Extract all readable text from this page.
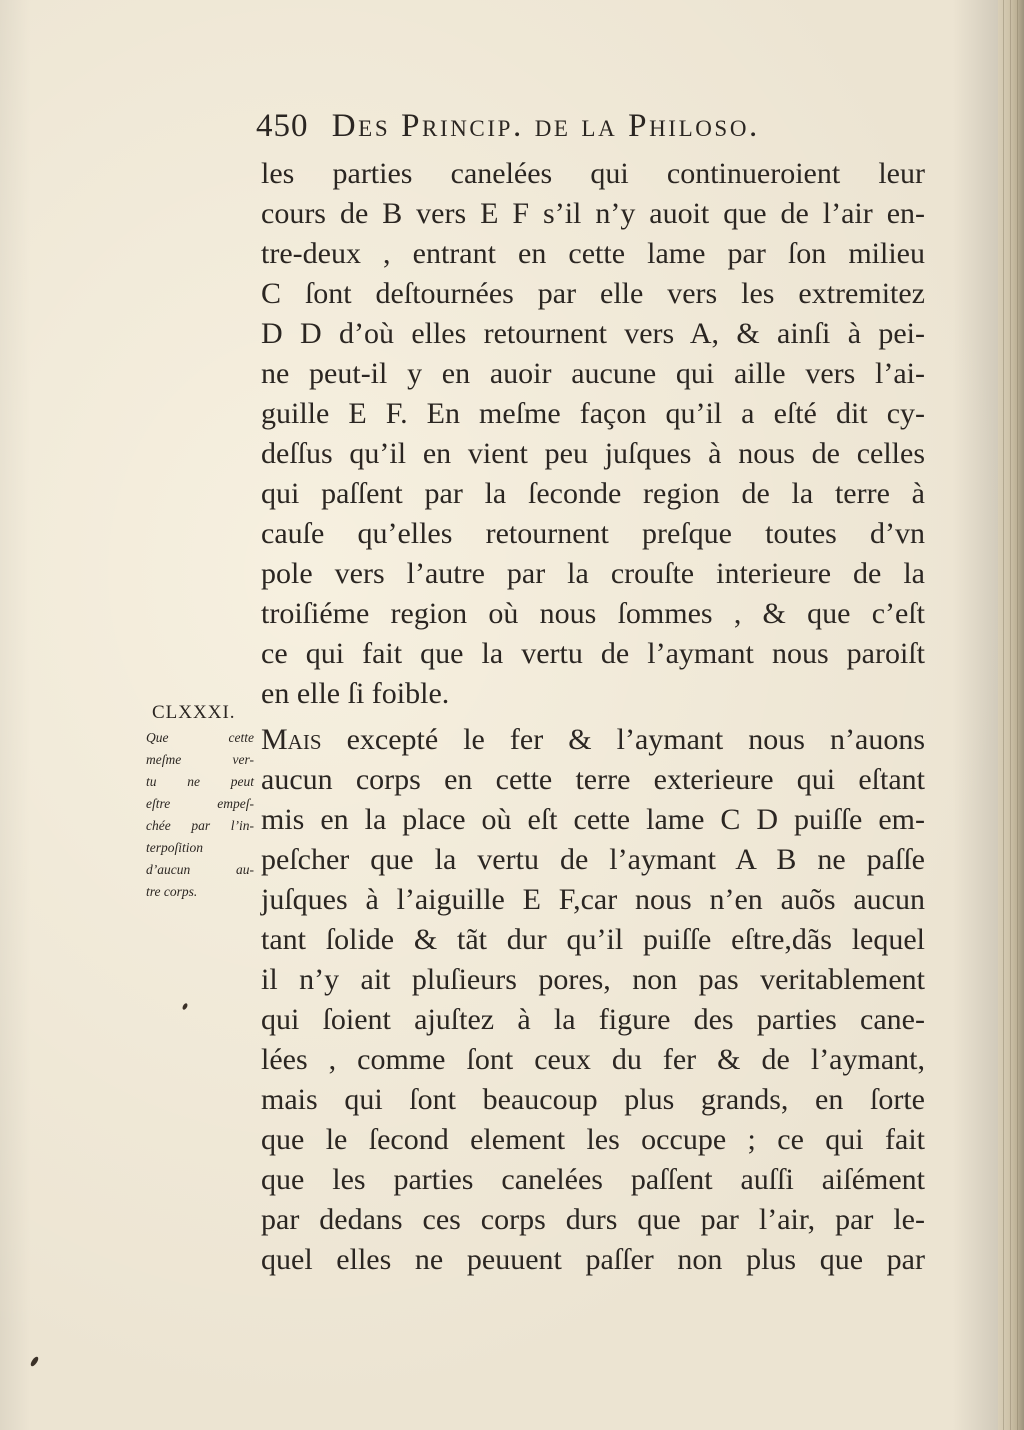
450 Des Princip. de la Philoso.
les parties canelées qui continueroient leur
cours de B vers E F s’il n’y auoit que de l’air en-
tre-deux , entrant en cette lame par ſon milieu
C ſont deſtournées par elle vers les extremitez
D D d’où elles retournent vers A, & ainſi à pei-
ne peut-il y en auoir aucune qui aille vers l’ai-
guille E F. En meſme façon qu’il a eſté dit cy-
deſſus qu’il en vient peu juſques à nous de celles
qui paſſent par la ſeconde region de la terre à
cauſe qu’elles retournent preſque toutes d’vn
pole vers l’autre par la crouſte interieure de la
troiſiéme region où nous ſommes , & que c’eſt
ce qui fait que la vertu de l’aymant nous paroiſt
en elle ſi foible.
Mais excepté le fer & l’aymant nous n’auons
aucun corps en cette terre exterieure qui eſtant
mis en la place où eſt cette lame C D puiſſe em-
peſcher que la vertu de l’aymant A B ne paſſe
juſques à l’aiguille E F,car nous n’en auõs aucun
tant ſolide & tãt dur qu’il puiſſe eſtre,dãs lequel
il n’y ait pluſieurs pores, non pas veritablement
qui ſoient ajuſtez à la figure des parties cane-
lées , comme ſont ceux du fer & de l’aymant,
mais qui ſont beaucoup plus grands, en ſorte
que le ſecond element les occupe ; ce qui fait
que les parties canelées paſſent auſſi aiſément
par dedans ces corps durs que par l’air, par le-
quel elles ne peuuent paſſer non plus que par
CLXXXI.
Que cette
meſme ver-
tu ne peut
eſtre empeſ-
chée par l’in-
terpoſition
d’aucun au-
tre corps.
